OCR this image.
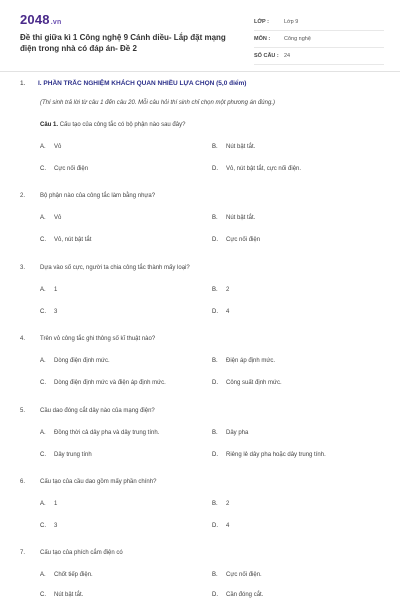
2048.vn
Đề thi giữa kì 1 Công nghệ 9 Cánh diều- Lắp đặt mạng điện trong nhà có đáp án- Đề 2
LỚP :	Lớp 9
MÔN :	Công nghệ
SỐ CÂU : 24
1. I. PHẦN TRẮC NGHIỆM KHÁCH QUAN NHIỀU LỰA CHỌN (5,0 điểm)
(Thí sinh trả lời từ câu 1 đến câu 20. Mỗi câu hỏi thí sinh chỉ chọn một phương án đúng.)
Câu 1. Cấu tạo của công tắc có bộ phận nào sau đây?
A. Vỏ	B. Nút bật tắt.
C. Cực nối điện	D. Vỏ, nút bật tắt, cực nối điện.
2. Bộ phận nào của công tắc làm bằng nhựa?
A. Vỏ	B. Nút bật tắt.
C. Vỏ, nút bật tắt	D. Cực nối điện
3. Dựa vào số cực, người ta chia công tắc thành mấy loại?
A. 1	B. 2
C. 3	D. 4
4. Trên vỏ công tắc ghi thông số kĩ thuật nào?
A. Dòng điện định mức.	B. Điện áp định mức.
C. Dòng điện định mức và điện áp định mức.	D. Công suất định mức.
5. Cầu dao đóng cắt dây nào của mạng điện?
A. Đồng thời cả dây pha và dây trung tính.	B. Dây pha
C. Dây trung tính	D. Riêng lẻ dây pha hoặc dây trung tính.
6. Cấu tạo của cầu dao gồm mấy phần chính?
A. 1	B. 2
C. 3	D. 4
7. Cấu tạo của phích cắm điện có
A. Chốt tiếp điện.	B. Cực nối điện.
C. Nút bật tắt.	D. Cần đóng cắt.
